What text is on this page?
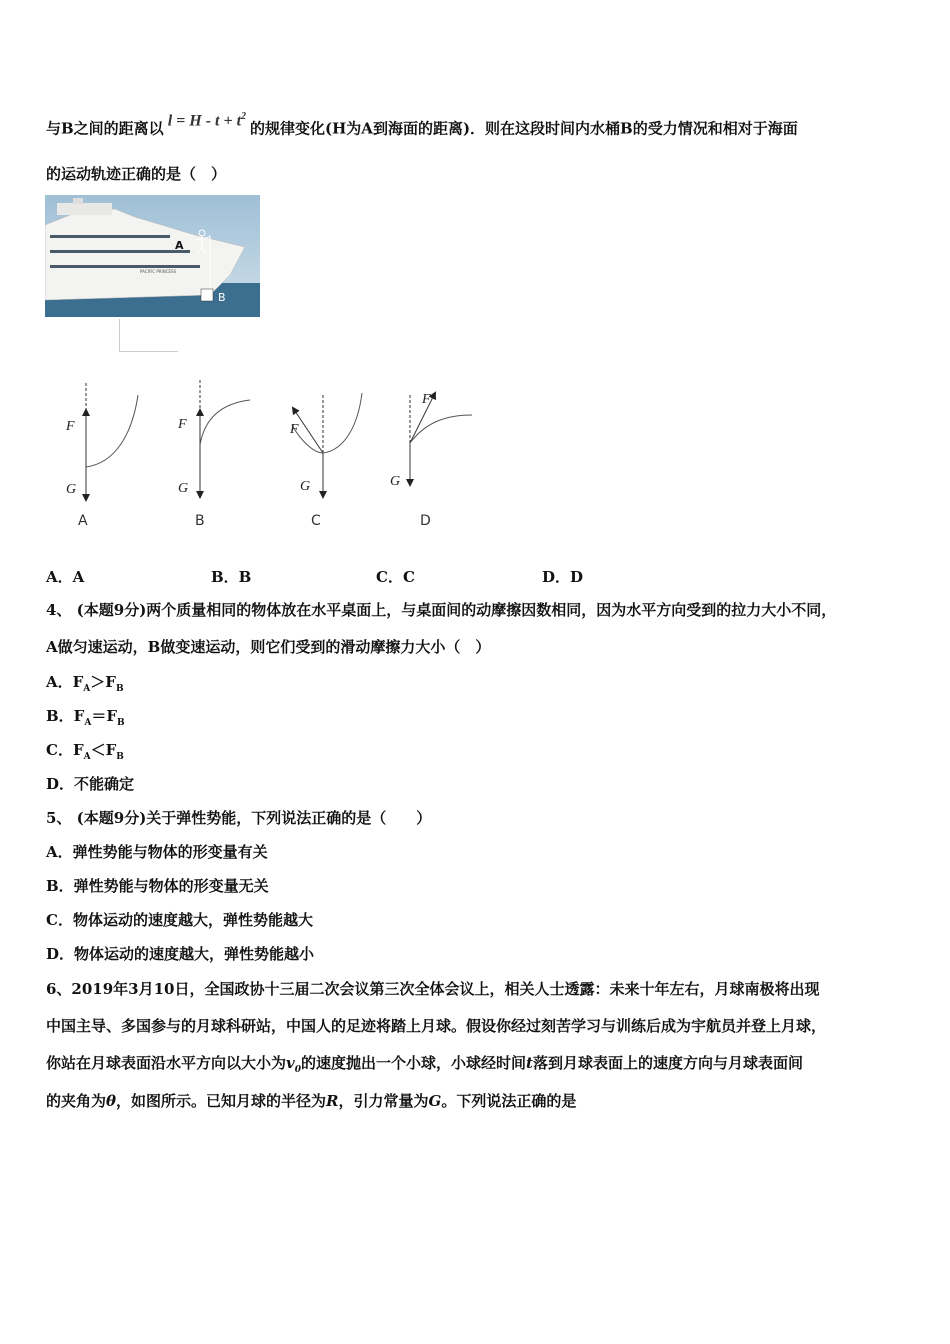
与B之间的距离以 $l = H - t + t^2$的规律变化(H为A到海面的距离)．则在这段时间内水桶B的受力情况和相对于海面
的运动轨迹正确的是（　）
PACIFIC PRINCESS
A
B
F
G
F
G
F
G
F
G
A	B	C	D
A．A	B．B	C．C	D．D
4、 (本题9分)两个质量相同的物体放在水平桌面上，与桌面间的动摩擦因数相同，因为水平方向受到的拉力大小不同，
A做匀速运动，B做变速运动，则它们受到的滑动摩擦力大小（　）
A．$F_A>F_B$
B．$F_A=F_B$
C．$F_A<F_B$
D．不能确定
5、 (本题9分)关于弹性势能，下列说法正确的是（　　）
A．弹性势能与物体的形变量有关
B．弹性势能与物体的形变量无关
C．物体运动的速度越大，弹性势能越大
D．物体运动的速度越大，弹性势能越小
6、2019年3月10日，全国政协十三届二次会议第三次全体会议上，相关人士透露：未来十年左右，月球南极将出现
中国主导、多国参与的月球科研站，中国人的足迹将踏上月球。假设你经过刻苦学习与训练后成为宇航员并登上月球，
你站在月球表面沿水平方向以大小为$v_0$的速度抛出一个小球，小球经时间t落到月球表面上的速度方向与月球表面间
的夹角为θ，如图所示。已知月球的半径为R，引力常量为G。下列说法正确的是
